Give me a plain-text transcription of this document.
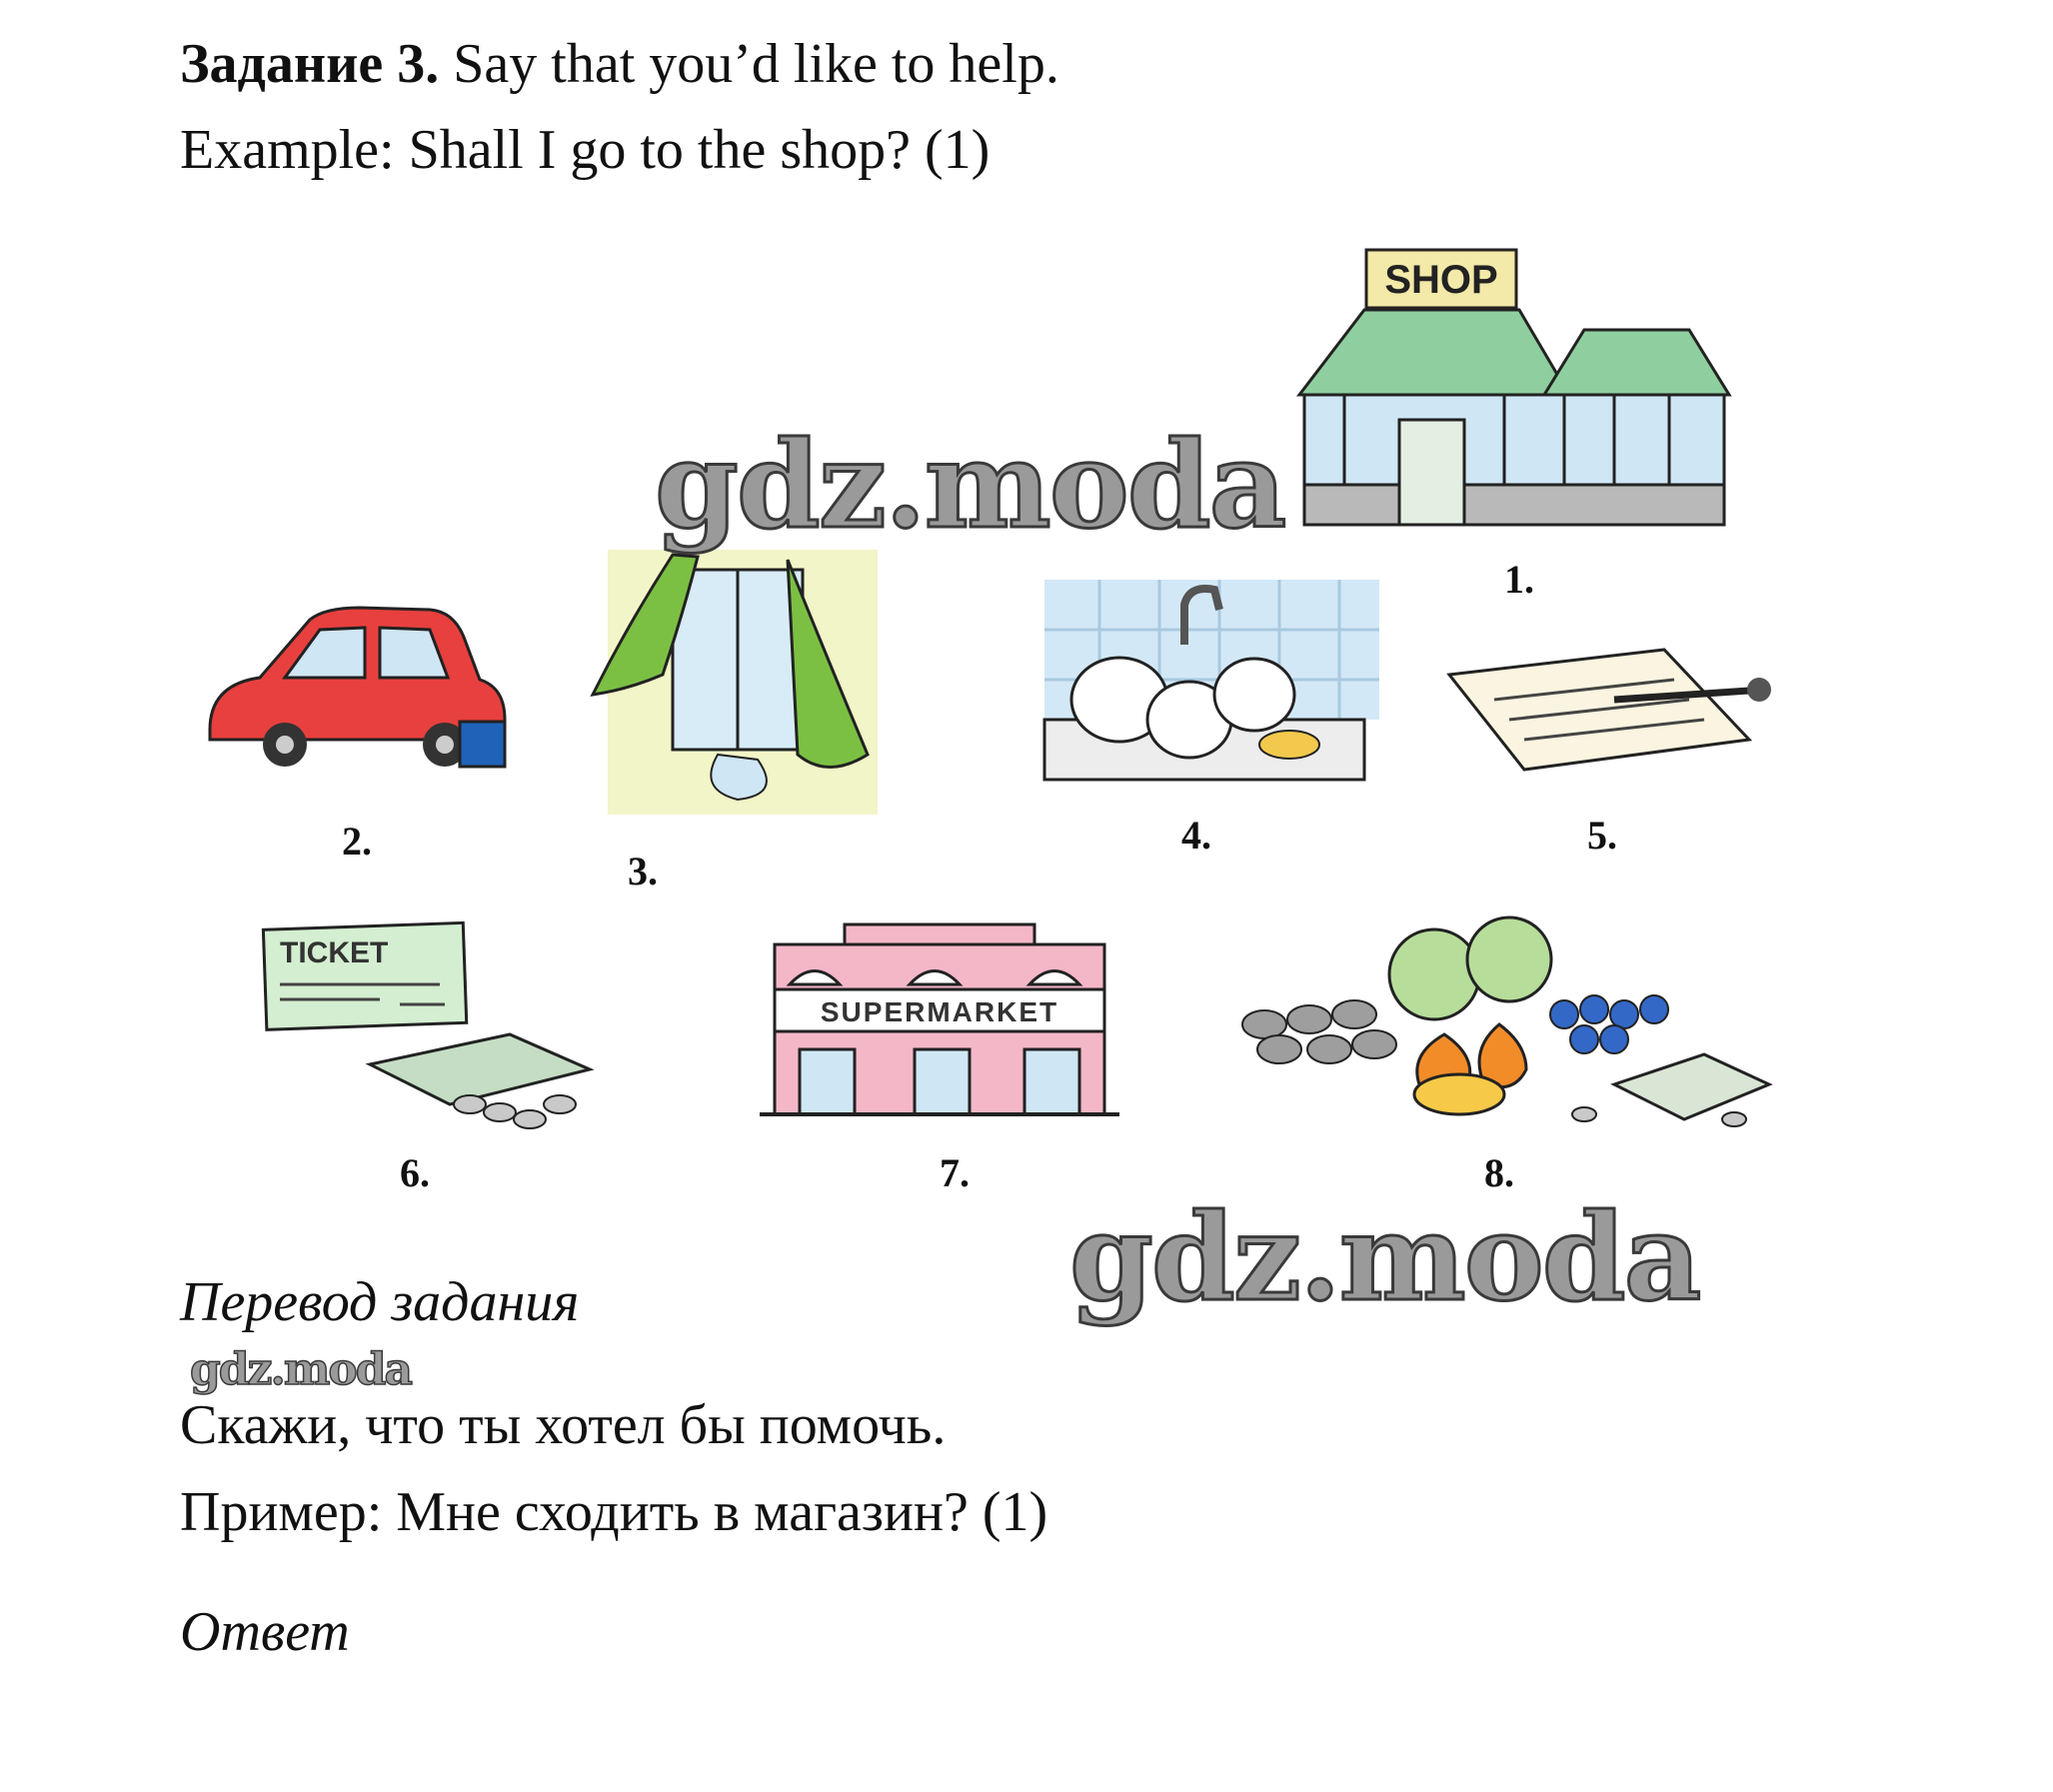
Задание 3. Say that you’d like to help.
Example: Shall I go to the shop? (1)
SHOP
1.
2.
3.
4.	5.
TICKET
6.
SUPERMARKET
7.	8.
gdz.moda
gdz.moda
gdz.moda
Перевод задания
Скажи, что ты хотел бы помочь.
Пример: Мне сходить в магазин? (1)
Ответ
